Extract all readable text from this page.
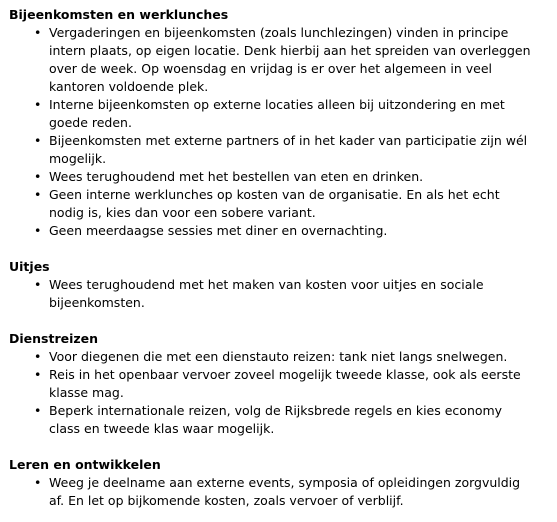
Bijeenkomsten en werklunches
• Vergaderingen en bijeenkomsten (zoals lunchlezingen) vinden in principe intern plaats, op eigen locatie. Denk hierbij aan het spreiden van overleggen over de week. Op woensdag en vrijdag is er over het algemeen in veel kantoren voldoende plek.
• Interne bijeenkomsten op externe locaties alleen bij uitzondering en met goede reden.
• Bijeenkomsten met externe partners of in het kader van participatie zijn wél mogelijk.
• Wees terughoudend met het bestellen van eten en drinken.
• Geen interne werklunches op kosten van de organisatie. En als het echt nodig is, kies dan voor een sobere variant.
• Geen meerdaagse sessies met diner en overnachting.
Uitjes
• Wees terughoudend met het maken van kosten voor uitjes en sociale bijeenkomsten.
Dienstreizen
• Voor diegenen die met een dienstauto reizen: tank niet langs snelwegen.
• Reis in het openbaar vervoer zoveel mogelijk tweede klasse, ook als eerste klasse mag.
• Beperk internationale reizen, volg de Rijksbrede regels en kies economy class en tweede klas waar mogelijk.
Leren en ontwikkelen
• Weeg je deelname aan externe events, symposia of opleidingen zorgvuldig af. En let op bijkomende kosten, zoals vervoer of verblijf.
